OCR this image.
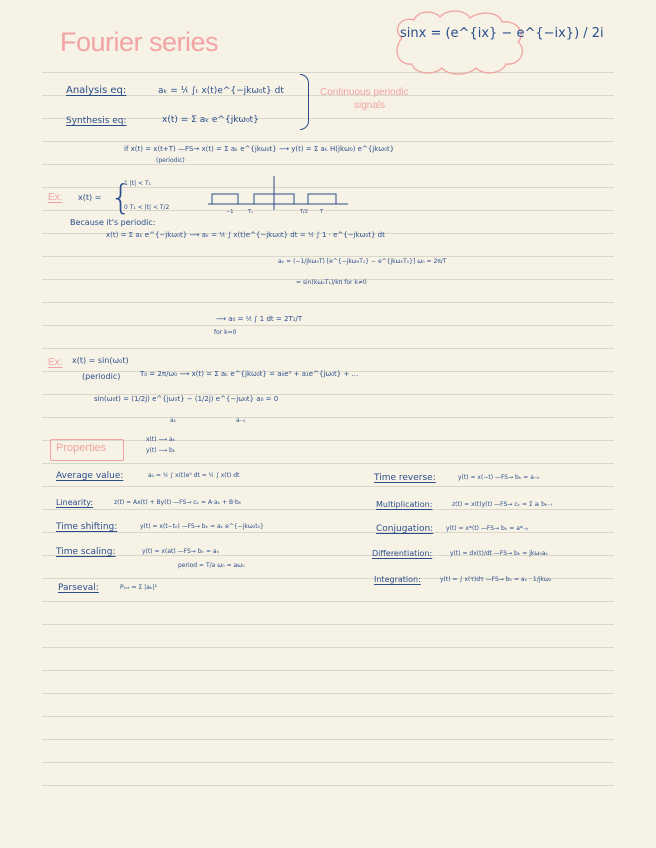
Fourier series	sinx = (e^{ix} − e^{−ix}) / 2i
Analysis eq:	aₖ = ¹⁄ₜ ∫ₜ x(t)e^{−jkω₀t} dt
Synthesis eq:	x(t) = Σ aₖ e^{jkω₀t}
Continuous periodic
signals
if x(t) = x(t+T) —FS→ x(t) = Σ aₖ e^{jkω₀t} ⟶ y(t) = Σ aₖ H(jkω₀) e^{jkω₀t}
(periodic)
Ex: x(t) = {
1 |t| < T₁
0 T₁ < |t| < T/2
−1	T₁	T/2 T
Because it's periodic:
x(t) = Σ aₖ e^{−jkω₀t} ⟶ aₖ = ¹⁄ₜ ∫ x(t)e^{−jkω₀t} dt = ¹⁄ₜ ∫ 1 · e^{−jkω₀t} dt
aₖ = (−1/jkω₀T) [e^{−jkω₀T₁} − e^{jkω₀T₁}] ω₀ = 2π/T
= sin(kω₀T₁)/kπ for k≠0
⟶ a₀ = ¹⁄ₜ ∫ 1 dt = 2T₁/T
for k=0
Ex: x(t) = sin(ω₀t)
(periodic)	T₀ = 2π/ω₀ ⟶ x(t) = Σ aₖ e^{jkω₀t} = a₀e⁰ + a₁e^{jω₀t} + ...
sin(ω₀t) = (1/2j) e^{jω₀t} − (1/2j) e^{−jω₀t} a₀ = 0
a₁	a₋₁
Properties
x(t) ⟶ aₖ
y(t) ⟶ bₖ
Average value:	a₀ = ¹⁄ₜ ∫ x(t)e⁰ dt = ¹⁄ₜ ∫ x(t) dt
Linearity:	z(t) = Ax(t) + By(t) —FS→ cₖ = A·aₖ + B·bₖ
Time shifting:	y(t) = x(t−t₀) —FS→ bₖ = aₖ e^{−jkω₀t₀}
Time scaling:	y(t) = x(at) —FS→ bₖ = aₖ
period = T/a ω₀ = aω₀
Parseval:	Pₜₒₜ = Σ |aₖ|²
Time reverse:	y(t) = x(−t) —FS→ bₖ = a₋ₖ
Multiplication:	z(t) = x(t)y(t) —FS→ cₖ = Σ aₗ bₖ₋ₗ
Conjugation: y(t) = x*(t) —FS→ bₖ = a*₋ₖ
Differentiation:	y(t) = dx(t)/dt —FS→ bₖ = jkω₀aₖ
Integration:	y(t) = ∫ x(τ)dτ —FS→ bₖ = aₖ · 1/jkω₀
